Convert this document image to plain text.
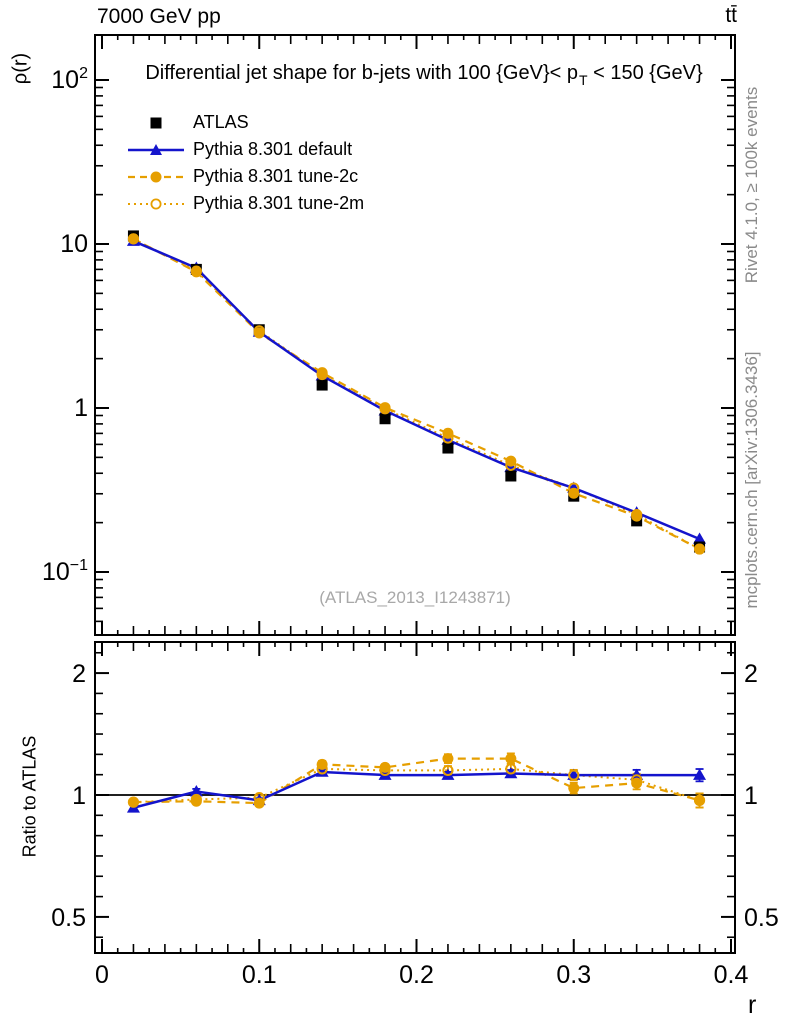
$10^{-1}$
1
10
$10^2$
0.5	0.5
1	1
2	2
0	0.1	0.2	0.3	0.4
7000 GeV pp	tt̄
ρ(r)	Differential jet shape for b-jets with 100 $\{GeV\}< p_T < 150$ {GeV}
ATLAS
Pythia 8.301 default
Pythia 8.301 tune-2c
Pythia 8.301 tune-2m
(ATLAS_2013_I1243871)
Rivet 4.1.0, ≥ 100k events
mcplots.cern.ch [arXiv:1306.3436]
Ratio to ATLAS
r
